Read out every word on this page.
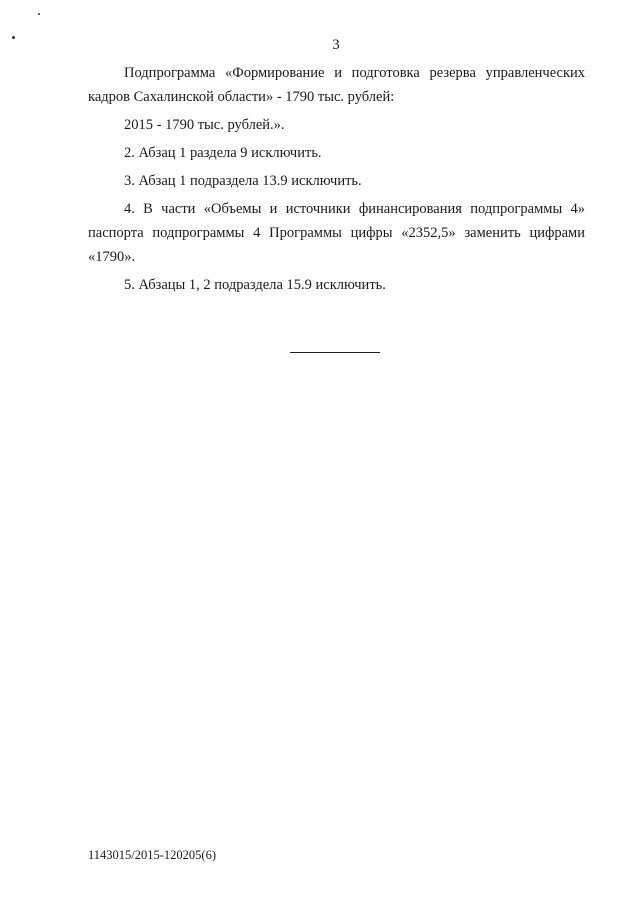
3

Подпрограмма «Формирование и подготовка резерва управленческих кадров Сахалинской области» - 1790 тыс. рублей:

2015 - 1790 тыс. рублей.».

2. Абзац 1 раздела 9 исключить.

3. Абзац 1 подраздела 13.9 исключить.

4. В части «Объемы и источники финансирования подпрограммы 4» паспорта подпрограммы 4 Программы цифры «2352,5» заменить цифрами «1790».

5. Абзацы 1, 2 подраздела 15.9 исключить.

1143015/2015-120205(6)
